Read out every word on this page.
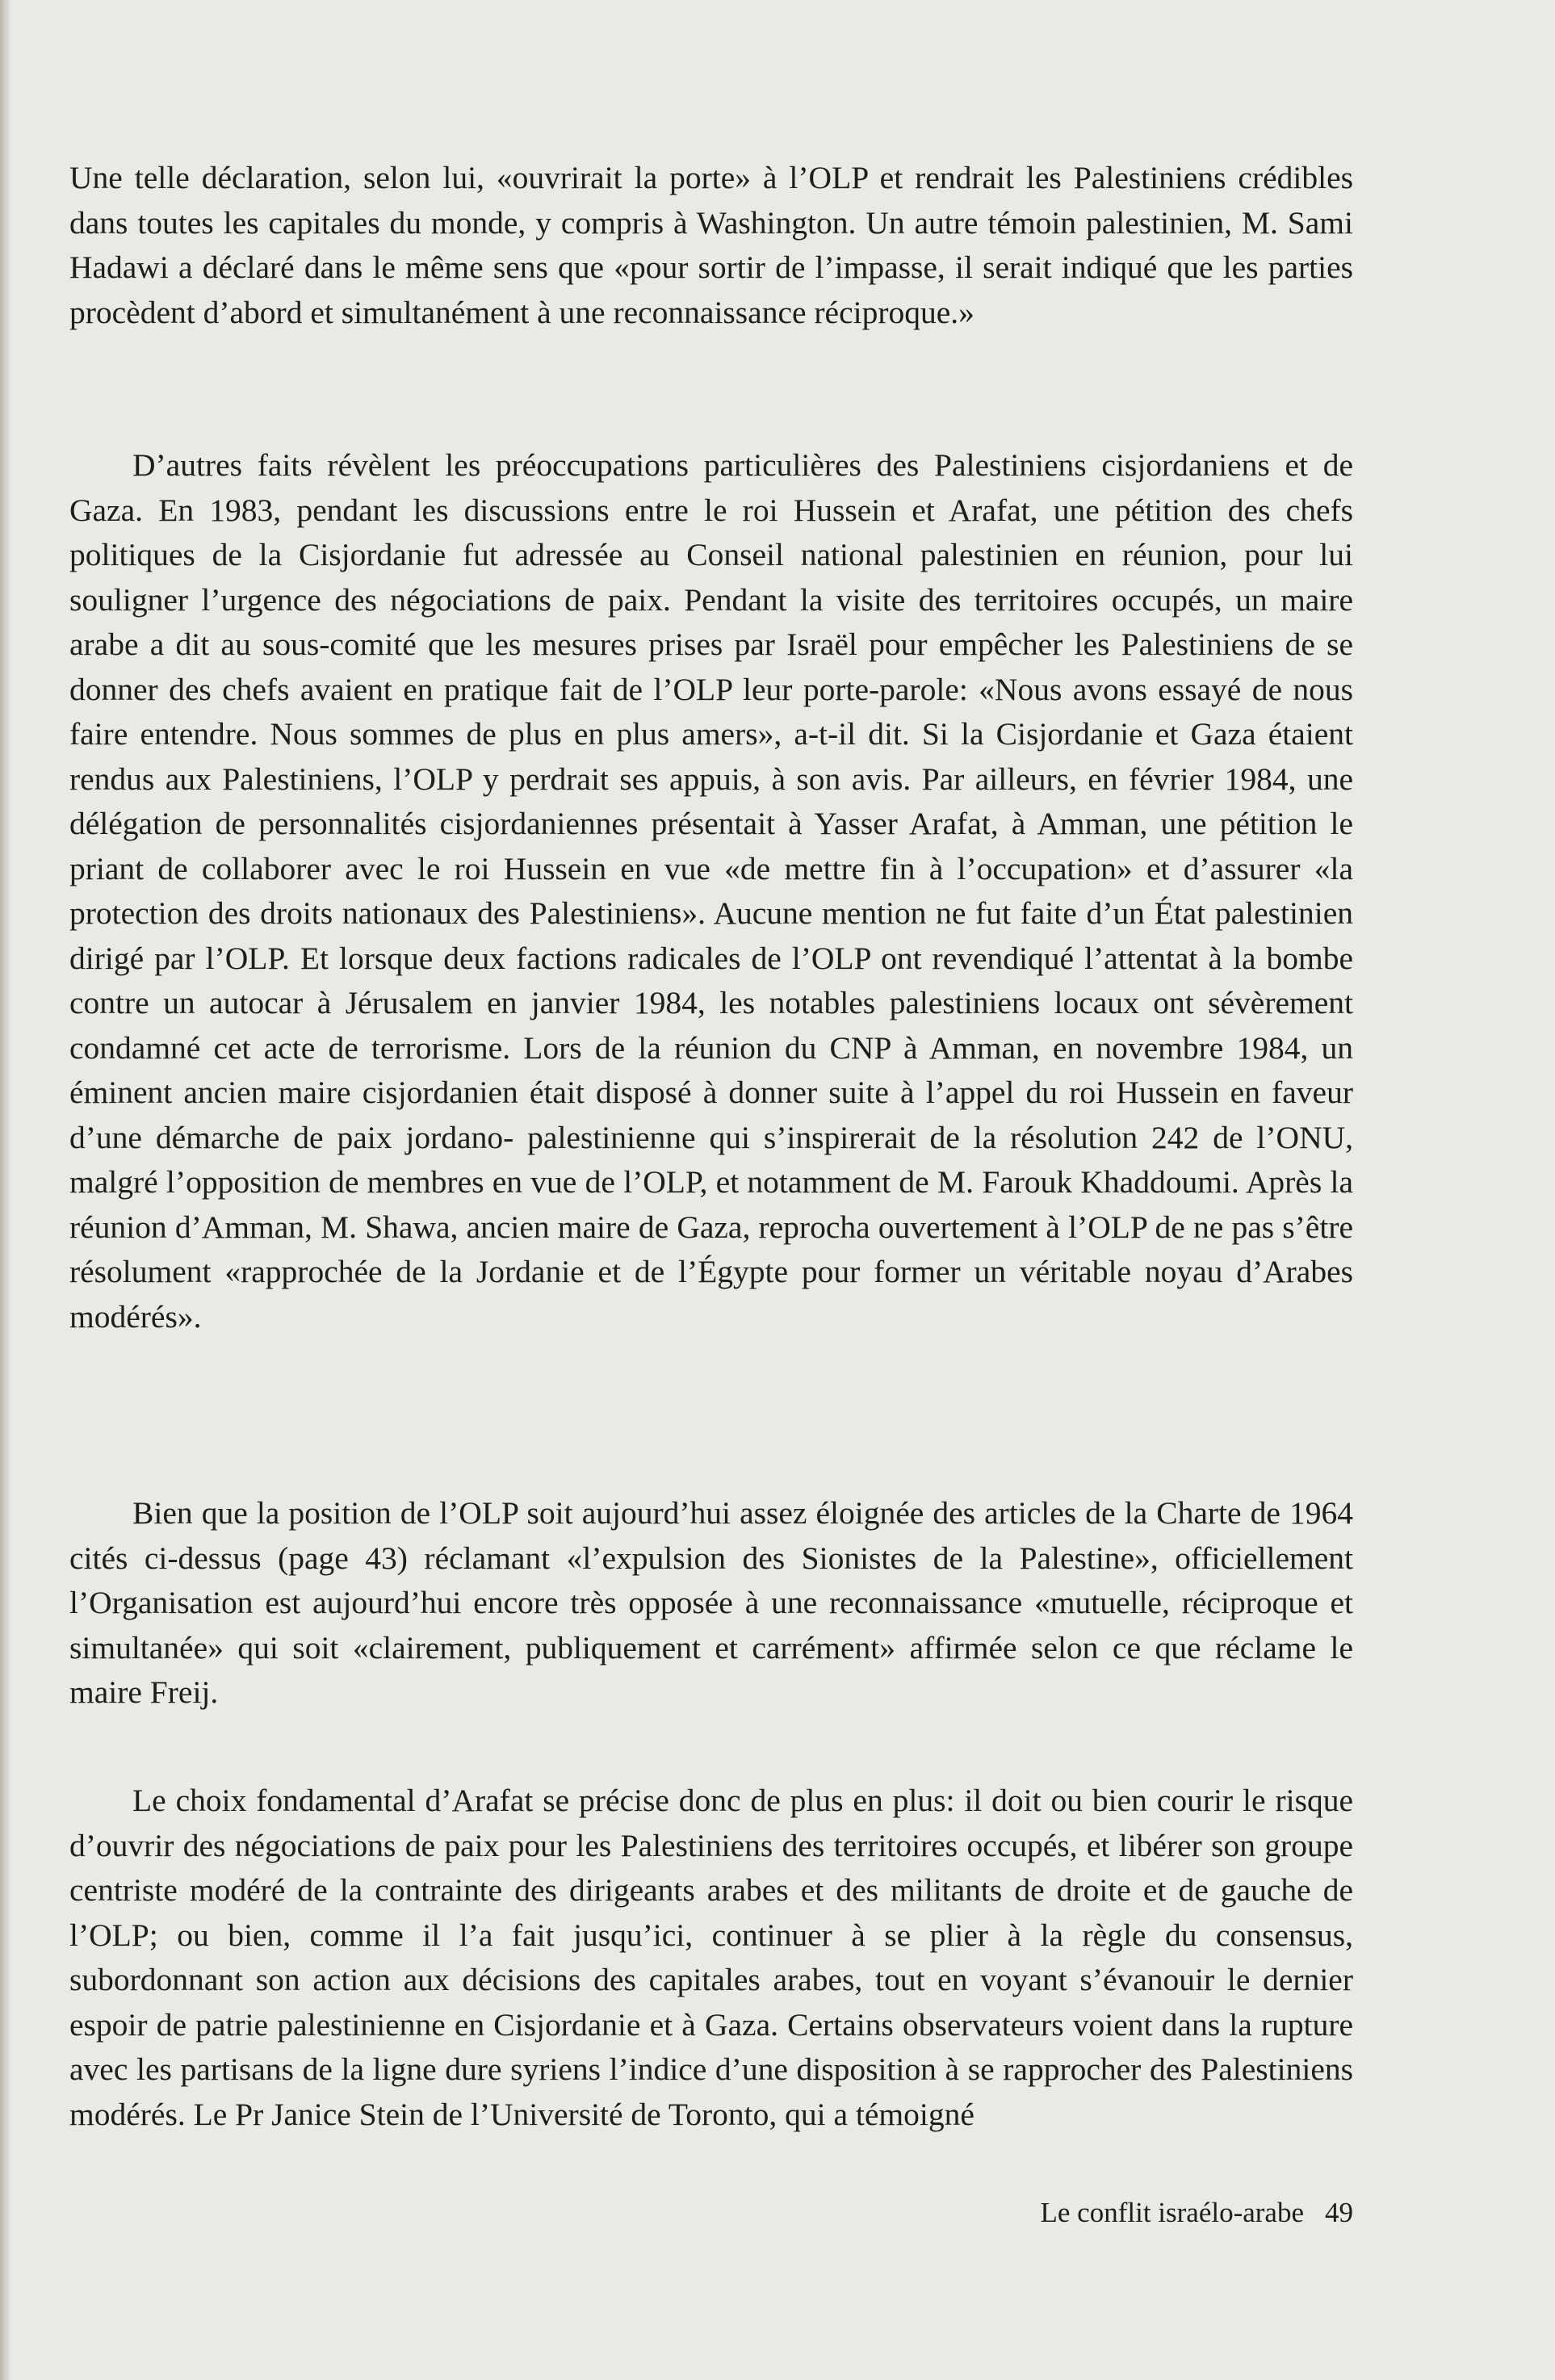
Une telle déclaration, selon lui, «ouvrirait la porte» à l’OLP et rendrait les Palestiniens crédibles dans toutes les capitales du monde, y compris à Washington. Un autre témoin palestinien, M. Sami Hadawi a déclaré dans le même sens que «pour sortir de l’impasse, il serait indiqué que les parties procèdent d’abord et simultanément à une reconnaissance réciproque.»

D’autres faits révèlent les préoccupations particulières des Palestiniens cisjordaniens et de Gaza. En 1983, pendant les discussions entre le roi Hussein et Arafat, une pétition des chefs politiques de la Cisjordanie fut adressée au Conseil national palestinien en réunion, pour lui souligner l’urgence des négociations de paix. Pendant la visite des territoires occupés, un maire arabe a dit au sous-comité que les mesures prises par Israël pour empêcher les Palestiniens de se donner des chefs avaient en pratique fait de l’OLP leur porte-parole: «Nous avons essayé de nous faire entendre. Nous sommes de plus en plus amers», a-t-il dit. Si la Cisjordanie et Gaza étaient rendus aux Palestiniens, l’OLP y perdrait ses appuis, à son avis. Par ailleurs, en février 1984, une délégation de personnalités cisjordaniennes présentait à Yasser Arafat, à Amman, une pétition le priant de collaborer avec le roi Hussein en vue «de mettre fin à l’occupation» et d’assurer «la protection des droits nationaux des Palestiniens». Aucune mention ne fut faite d’un État palestinien dirigé par l’OLP. Et lorsque deux factions radicales de l’OLP ont revendiqué l’attentat à la bombe contre un autocar à Jérusalem en janvier 1984, les notables palestiniens locaux ont sévèrement condamné cet acte de terrorisme. Lors de la réunion du CNP à Amman, en novembre 1984, un éminent ancien maire cisjordanien était disposé à donner suite à l’appel du roi Hussein en faveur d’une démarche de paix jordano- palestinienne qui s’inspirerait de la résolution 242 de l’ONU, malgré l’opposition de membres en vue de l’OLP, et notamment de M. Farouk Khaddoumi. Après la réunion d’Amman, M. Shawa, ancien maire de Gaza, reprocha ouvertement à l’OLP de ne pas s’être résolument «rapprochée de la Jordanie et de l’Égypte pour former un véritable noyau d’Arabes modérés».

Bien que la position de l’OLP soit aujourd’hui assez éloignée des articles de la Charte de 1964 cités ci-dessus (page 43) réclamant «l’expulsion des Sionistes de la Palestine», officiellement l’Organisation est aujourd’hui encore très opposée à une reconnaissance «mutuelle, réciproque et simultanée» qui soit «clairement, publiquement et carrément» affirmée selon ce que réclame le maire Freij.

Le choix fondamental d’Arafat se précise donc de plus en plus: il doit ou bien courir le risque d’ouvrir des négociations de paix pour les Palestiniens des territoires occupés, et libérer son groupe centriste modéré de la contrainte des dirigeants arabes et des militants de droite et de gauche de l’OLP; ou bien, comme il l’a fait jusqu’ici, continuer à se plier à la règle du consensus, subordonnant son action aux décisions des capitales arabes, tout en voyant s’évanouir le dernier espoir de patrie palestinienne en Cisjordanie et à Gaza. Certains observateurs voient dans la rupture avec les partisans de la ligne dure syriens l’indice d’une disposition à se rapprocher des Palestiniens modérés. Le Pr Janice Stein de l’Université de Toronto, qui a témoigné

Le conflit israélo-arabe 49
